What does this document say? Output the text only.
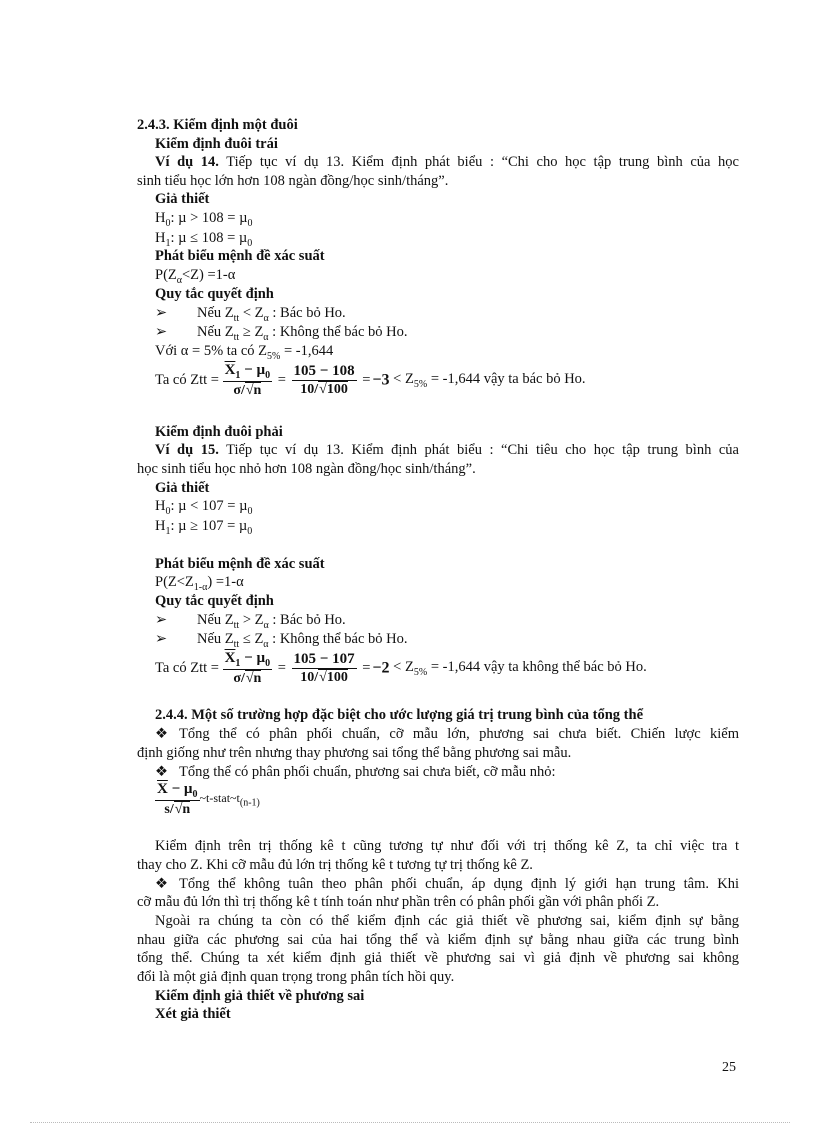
2.4.3. Kiểm định một đuôi
Kiểm định đuôi trái
Ví dụ 14. Tiếp tục ví dụ 13. Kiểm định phát biểu : “Chi cho học tập trung bình của học
sinh tiểu học lớn hơn 108 ngàn đồng/học sinh/tháng”.
Giả thiết
$H_0$: µ > 108 = µ$_0$
$H_1$: µ ≤ 108 = µ$_0$
Phát biểu mệnh đề xác suất
$P(Z_\alpha<Z) =1-\alpha$
Quy tắc quyết định
➢ Nếu $Z_{tt} < Z_\alpha$ : Bác bỏ Ho.
➢ Nếu $Z_{tt} \ge Z_\alpha$ : Không thể bác bỏ Ho.
Với α = 5% ta có $Z_{5\%} = -1,644$
Ta có Ztt = $\frac{\overline{X}_1 - \mu_0}{\sigma/√n} = \frac{105 - 108}{10/√100} = -3 < Z_{5\%} = -1,644$ vậy ta bác bỏ Ho.
Kiểm định đuôi phải
Ví dụ 15. Tiếp tục ví dụ 13. Kiểm định phát biểu : “Chi tiêu cho học tập trung bình của
học sinh tiểu học nhỏ hơn 108 ngàn đồng/học sinh/tháng”.
Giả thiết
$H_0$: µ < 107 = µ$_0$
$H_1$: µ ≥ 107 = µ$_0$
Phát biểu mệnh đề xác suất
$P(Z<Z_{1-\alpha}) =1-\alpha$
Quy tắc quyết định
➢ Nếu $Z_{tt} > Z_\alpha$ : Bác bỏ Ho.
➢ Nếu $Z_{tt} \le Z_\alpha$ : Không thể bác bỏ Ho.
Ta có Ztt = $\frac{\overline{X}_1 - \mu_0}{\sigma/√n} = \frac{105 - 107}{10/√100} = -2 < Z_{5\%} = -1,644$ vậy ta không thể bác bỏ Ho.
2.4.4. Một số trường hợp đặc biệt cho ước lượng giá trị trung bình của tổng thể
❖ Tổng thể có phân phối chuẩn, cỡ mẫu lớn, phương sai chưa biết. Chiến lược kiểm
định giống như trên nhưng thay phương sai tổng thể bằng phương sai mẫu.
❖ Tổng thể có phân phối chuẩn, phương sai chưa biết, cỡ mẫu nhỏ:
$\frac{\overline{X} - \mu_0}{s/√n}$ $\sim t-stat\sim t_{(n-1)}$
Kiểm định trên trị thống kê t cũng tương tự như đối với trị thống kê Z, ta chỉ việc tra t
thay cho Z. Khi cỡ mẫu đủ lớn trị thống kê t tương tự trị thống kê Z.
❖ Tổng thể không tuân theo phân phối chuẩn, áp dụng định lý giới hạn trung tâm. Khi
cỡ mẫu đủ lớn thì trị thống kê t tính toán như phần trên có phân phối gần với phân phối Z.
Ngoài ra chúng ta còn có thể kiểm định các giả thiết về phương sai, kiểm định sự bằng
nhau giữa các phương sai của hai tổng thể và kiểm định sự bằng nhau giữa các trung bình
tổng thể. Chúng ta xét kiểm định giả thiết về phương sai vì giả định về phương sai không
đổi là một giả định quan trọng trong phân tích hồi quy.
Kiểm định giả thiết về phương sai
Xét giả thiết
25
